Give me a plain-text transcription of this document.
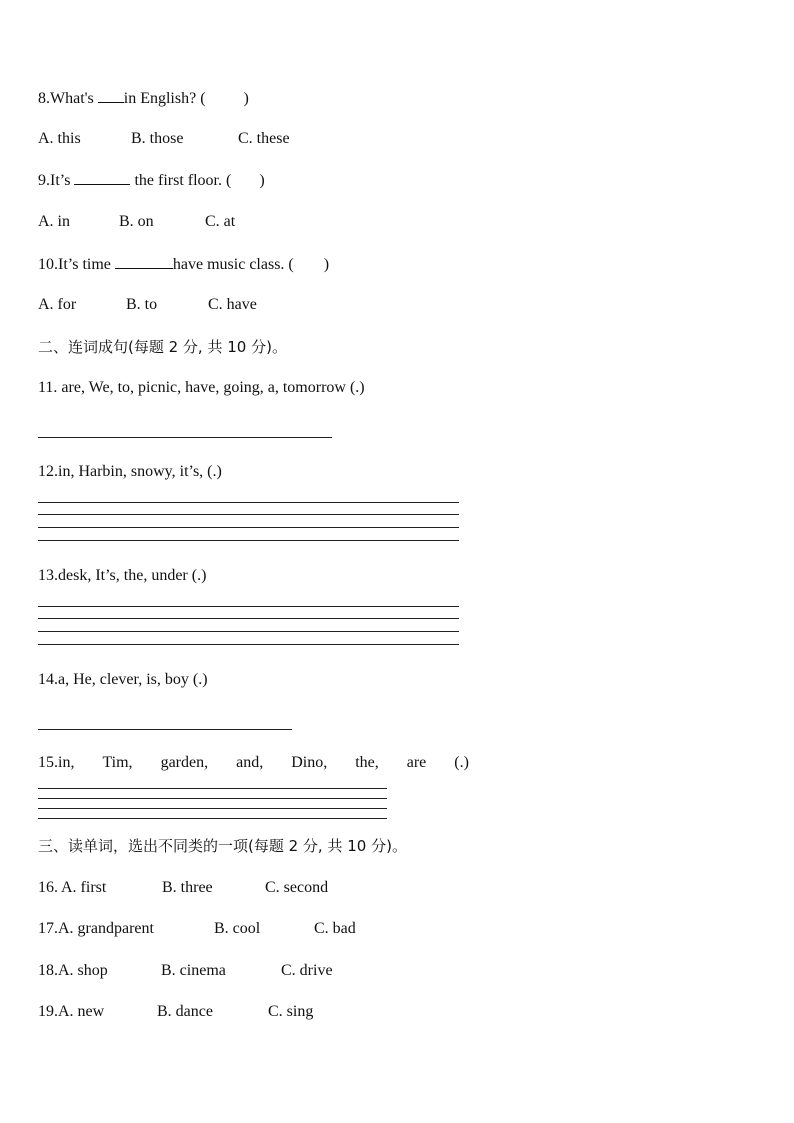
8.What's in English? ( )
A. this	B. those	C. these
9.It’s	the first floor. ( )
A. in	B. on	C. at
10.It’s time	have music class. ( )
A. for	B. to	C. have
二、连词成句(每题 2 分, 共 10 分)。
11. are, We, to, picnic, have, going, a, tomorrow (.)
12.in, Harbin, snowy, it’s, (.)
13.desk, It’s, the, under (.)
14.a, He, clever, is, boy (.)
15.in, Tim, garden, and, Dino, the, are (.)
三、读单词，选出不同类的一项(每题 2 分, 共 10 分)。
16. A. first	B. three	C. second
17.A. grandparent	B. cool	C. bad
18.A. shop	B. cinema	C. drive
19.A. new	B. dance	C. sing
